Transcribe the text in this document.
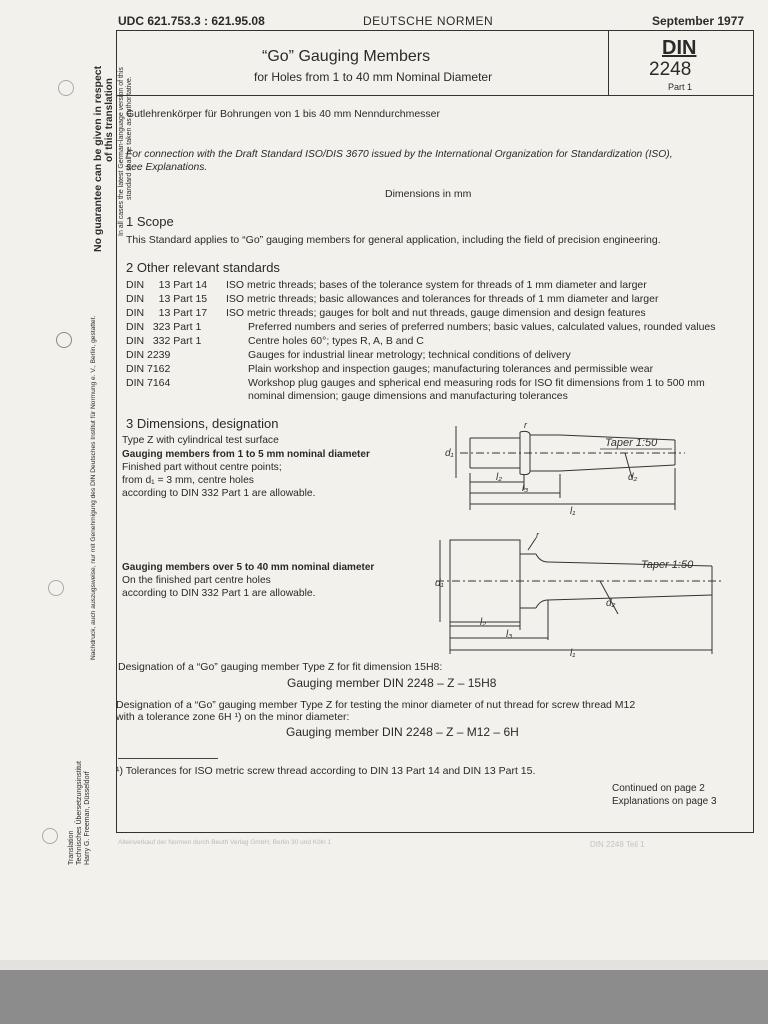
UDC 621.753.3 : 621.95.08	DEUTSCHE NORMEN	September 1977
“Go” Gauging Members
for Holes from 1 to 40 mm Nominal Diameter
DIN
2248
Part 1
No guarantee can be given in respect of this translation In all cases the latest German-language version of this standard shall be taken as authoritative.
Nachdruck, auch auszugsweise, nur mit Genehmigung des DIN Deutsches Institut für Normung e. V., Berlin, gestattet.
Translation Technisches Übersetzungsinstitut Harry G. Freeman, Düsseldorf
Gutlehrenkörper für Bohrungen von 1 bis 40 mm Nenndurchmesser
For connection with the Draft Standard ISO/DIS 3670 issued by the International Organization for Standardization (ISO),
see Explanations.
Dimensions in mm
1 Scope
This Standard applies to “Go” gauging members for general application, including the field of precision engineering.
2 Other relevant standards
DIN     13 Part 14 ISO metric threads; bases of the tolerance system for threads of 1 mm diameter and larger
DIN     13 Part 15 ISO metric threads; basic allowances and tolerances for threads of 1 mm diameter and larger
DIN     13 Part 17 ISO metric threads; gauges for bolt and nut threads, gauge dimension and design features
DIN   323 Part 1	Preferred numbers and series of preferred numbers; basic values, calculated values, rounded values
DIN   332 Part 1	Centre holes 60°; types R, A, B and C
DIN 2239	Gauges for industrial linear metrology; technical conditions of delivery
DIN 7162	Plain workshop and inspection gauges; manufacturing tolerances and permissible wear
DIN 7164	Workshop plug gauges and spherical end measuring rods for ISO fit dimensions from 1 to 500 mm
nominal dimension; gauge dimensions and manufacturing tolerances
3 Dimensions, designation
Type Z with cylindrical test surface
Gauging members from 1 to 5 mm nominal diameter
Finished part without centre points;
from d₁ = 3 mm, centre holes
according to DIN 332 Part 1 are allowable.
Gauging members over 5 to 40 mm nominal diameter
On the finished part centre holes
according to DIN 332 Part 1 are allowable.
Taper 1:50
d₁
d₂
l₂
l₃
l₁
r
Taper 1:50
d₁
d₂
l₂
l₃
l₁
r
Designation of a “Go” gauging member Type Z for fit dimension 15H8:
Gauging member DIN 2248 – Z – 15H8
Designation of a “Go” gauging member Type Z for testing the minor diameter of nut thread for screw thread M12
with a tolerance zone 6H ¹) on the minor diameter:
Gauging member DIN 2248 – Z – M12 – 6H
¹) Tolerances for ISO metric screw thread according to DIN 13 Part 14 and DIN 13 Part 15.
Continued on page 2
Explanations on page 3
Alleinverkauf der Normen durch Beuth Verlag GmbH, Berlin 30 und Köln 1	DIN 2248 Teil 1
